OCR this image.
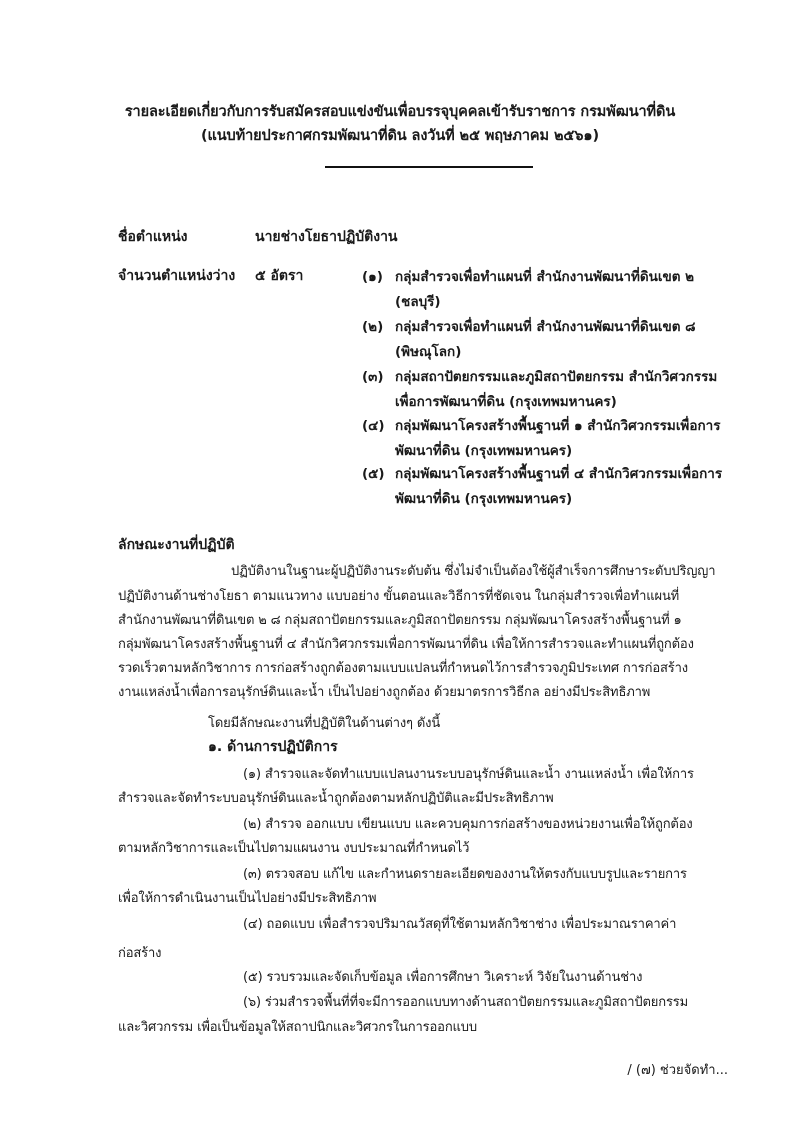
รายละเอียดเกี่ยวกับการรับสมัครสอบแข่งขันเพื่อบรรจุบุคคลเข้ารับราชการ กรมพัฒนาที่ดิน
(แนบท้ายประกาศกรมพัฒนาที่ดิน ลงวันที่ ๒๕ พฤษภาคม ๒๕๖๑)
ชื่อตำแหน่ง	นายช่างโยธาปฏิบัติงาน
จำนวนตำแหน่งว่าง ๕ อัตรา	(๑) กลุ่มสำรวจเพื่อทำแผนที่ สำนักงานพัฒนาที่ดินเขต ๒
(ชลบุรี)
(๒) กลุ่มสำรวจเพื่อทำแผนที่ สำนักงานพัฒนาที่ดินเขต ๘
(พิษณุโลก)
(๓) กลุ่มสถาปัตยกรรมและภูมิสถาปัตยกรรม สำนักวิศวกรรม
เพื่อการพัฒนาที่ดิน (กรุงเทพมหานคร)
(๔) กลุ่มพัฒนาโครงสร้างพื้นฐานที่ ๑ สำนักวิศวกรรมเพื่อการ
พัฒนาที่ดิน (กรุงเทพมหานคร)
(๕) กลุ่มพัฒนาโครงสร้างพื้นฐานที่ ๔ สำนักวิศวกรรมเพื่อการ
พัฒนาที่ดิน (กรุงเทพมหานคร)
ลักษณะงานที่ปฏิบัติ
ปฏิบัติงานในฐานะผู้ปฏิบัติงานระดับต้น ซึ่งไม่จำเป็นต้องใช้ผู้สำเร็จการศึกษาระดับปริญญา
ปฏิบัติงานด้านช่างโยธา ตามแนวทาง แบบอย่าง ขั้นตอนและวิธีการที่ชัดเจน ในกลุ่มสำรวจเพื่อทำแผนที่
สำนักงานพัฒนาที่ดินเขต ๒ ๘ กลุ่มสถาปัตยกรรมและภูมิสถาปัตยกรรม กลุ่มพัฒนาโครงสร้างพื้นฐานที่ ๑
กลุ่มพัฒนาโครงสร้างพื้นฐานที่ ๔ สำนักวิศวกรรมเพื่อการพัฒนาที่ดิน เพื่อให้การสำรวจและทำแผนที่ถูกต้อง
รวดเร็วตามหลักวิชาการ การก่อสร้างถูกต้องตามแบบแปลนที่กำหนดไว้การสำรวจภูมิประเทศ การก่อสร้าง
งานแหล่งน้ำเพื่อการอนุรักษ์ดินและน้ำ เป็นไปอย่างถูกต้อง ด้วยมาตรการวิธีกล อย่างมีประสิทธิภาพ
โดยมีลักษณะงานที่ปฏิบัติในด้านต่างๆ ดังนี้
๑. ด้านการปฏิบัติการ
(๑) สำรวจและจัดทำแบบแปลนงานระบบอนุรักษ์ดินและน้ำ งานแหล่งน้ำ เพื่อให้การ
สำรวจและจัดทำระบบอนุรักษ์ดินและน้ำถูกต้องตามหลักปฏิบัติและมีประสิทธิภาพ
(๒) สำรวจ ออกแบบ เขียนแบบ และควบคุมการก่อสร้างของหน่วยงานเพื่อให้ถูกต้อง
ตามหลักวิชาการและเป็นไปตามแผนงาน งบประมาณที่กำหนดไว้
(๓) ตรวจสอบ แก้ไข และกำหนดรายละเอียดของงานให้ตรงกับแบบรูปและรายการ
เพื่อให้การดำเนินงานเป็นไปอย่างมีประสิทธิภาพ
(๔) ถอดแบบ เพื่อสำรวจปริมาณวัสดุที่ใช้ตามหลักวิชาช่าง เพื่อประมาณราคาค่า
ก่อสร้าง
(๕) รวบรวมและจัดเก็บข้อมูล เพื่อการศึกษา วิเคราะห์ วิจัยในงานด้านช่าง
(๖) ร่วมสำรวจพื้นที่ที่จะมีการออกแบบทางด้านสถาปัตยกรรมและภูมิสถาปัตยกรรม
และวิศวกรรม เพื่อเป็นข้อมูลให้สถาปนิกและวิศวกรในการออกแบบ
/ (๗) ช่วยจัดทำ...
